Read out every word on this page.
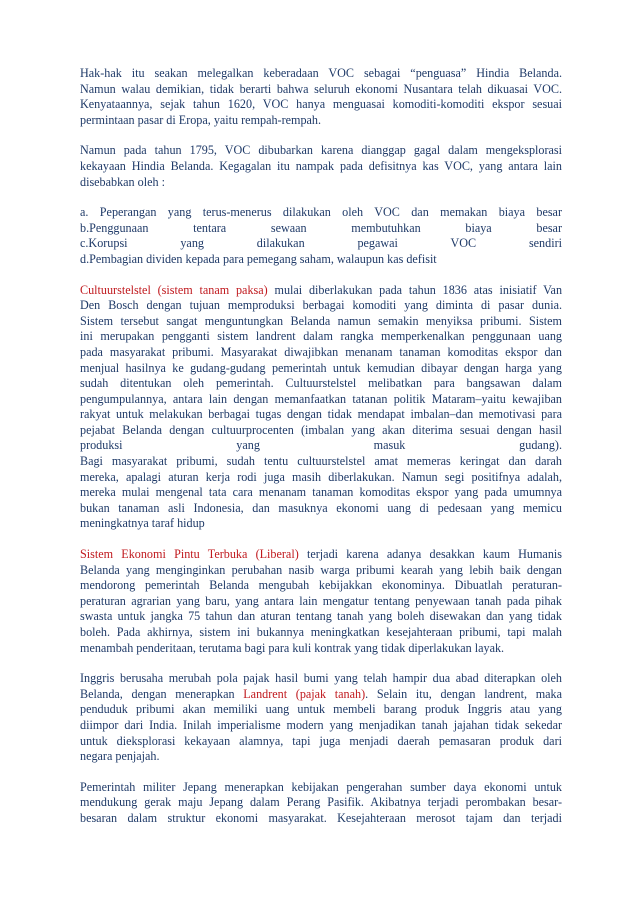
Hak-hak itu seakan melegalkan keberadaan VOC sebagai “penguasa” Hindia Belanda.
Namun walau demikian, tidak berarti bahwa seluruh ekonomi Nusantara telah dikuasai VOC.
Kenyataannya, sejak tahun 1620, VOC hanya menguasai komoditi-komoditi ekspor sesuai
permintaan pasar di Eropa, yaitu rempah-rempah.
Namun pada tahun 1795, VOC dibubarkan karena dianggap gagal dalam mengeksplorasi
kekayaan Hindia Belanda. Kegagalan itu nampak pada defisitnya kas VOC, yang antara lain
disebabkan oleh :
a. Peperangan yang terus-menerus dilakukan oleh VOC dan memakan biaya besar
b.Penggunaan tentara sewaan membutuhkan biaya besar
c.Korupsi yang dilakukan pegawai VOC sendiri
d.Pembagian dividen kepada para pemegang saham, walaupun kas defisit
Cultuurstelstel (sistem tanam paksa) mulai diberlakukan pada tahun 1836 atas inisiatif Van
Den Bosch dengan tujuan memproduksi berbagai komoditi yang diminta di pasar dunia.
Sistem tersebut sangat menguntungkan Belanda namun semakin menyiksa pribumi. Sistem
ini merupakan pengganti sistem landrent dalam rangka memperkenalkan penggunaan uang
pada masyarakat pribumi. Masyarakat diwajibkan menanam tanaman komoditas ekspor dan
menjual hasilnya ke gudang-gudang pemerintah untuk kemudian dibayar dengan harga yang
sudah ditentukan oleh pemerintah. Cultuurstelstel melibatkan para bangsawan dalam
pengumpulannya, antara lain dengan memanfaatkan tatanan politik Mataram–yaitu kewajiban
rakyat untuk melakukan berbagai tugas dengan tidak mendapat imbalan–dan memotivasi para
pejabat Belanda dengan cultuurprocenten (imbalan yang akan diterima sesuai dengan hasil
produksi yang masuk gudang).
Bagi masyarakat pribumi, sudah tentu cultuurstelstel amat memeras keringat dan darah
mereka, apalagi aturan kerja rodi juga masih diberlakukan. Namun segi positifnya adalah,
mereka mulai mengenal tata cara menanam tanaman komoditas ekspor yang pada umumnya
bukan tanaman asli Indonesia, dan masuknya ekonomi uang di pedesaan yang memicu
meningkatnya taraf hidup
Sistem Ekonomi Pintu Terbuka (Liberal) terjadi karena adanya desakkan kaum Humanis
Belanda yang menginginkan perubahan nasib warga pribumi kearah yang lebih baik dengan
mendorong pemerintah Belanda mengubah kebijakkan ekonominya. Dibuatlah peraturan-
peraturan agrarian yang baru, yang antara lain mengatur tentang penyewaan tanah pada pihak
swasta untuk jangka 75 tahun dan aturan tentang tanah yang boleh disewakan dan yang tidak
boleh. Pada akhirnya, sistem ini bukannya meningkatkan kesejahteraan pribumi, tapi malah
menambah penderitaan, terutama bagi para kuli kontrak yang tidak diperlakukan layak.
Inggris berusaha merubah pola pajak hasil bumi yang telah hampir dua abad diterapkan oleh
Belanda, dengan menerapkan Landrent (pajak tanah). Selain itu, dengan landrent, maka
penduduk pribumi akan memiliki uang untuk membeli barang produk Inggris atau yang
diimpor dari India. Inilah imperialisme modern yang menjadikan tanah jajahan tidak sekedar
untuk dieksplorasi kekayaan alamnya, tapi juga menjadi daerah pemasaran produk dari
negara penjajah.
Pemerintah militer Jepang menerapkan kebijakan pengerahan sumber daya ekonomi untuk
mendukung gerak maju Jepang dalam Perang Pasifik. Akibatnya terjadi perombakan besar-
besaran dalam struktur ekonomi masyarakat. Kesejahteraan merosot tajam dan terjadi
